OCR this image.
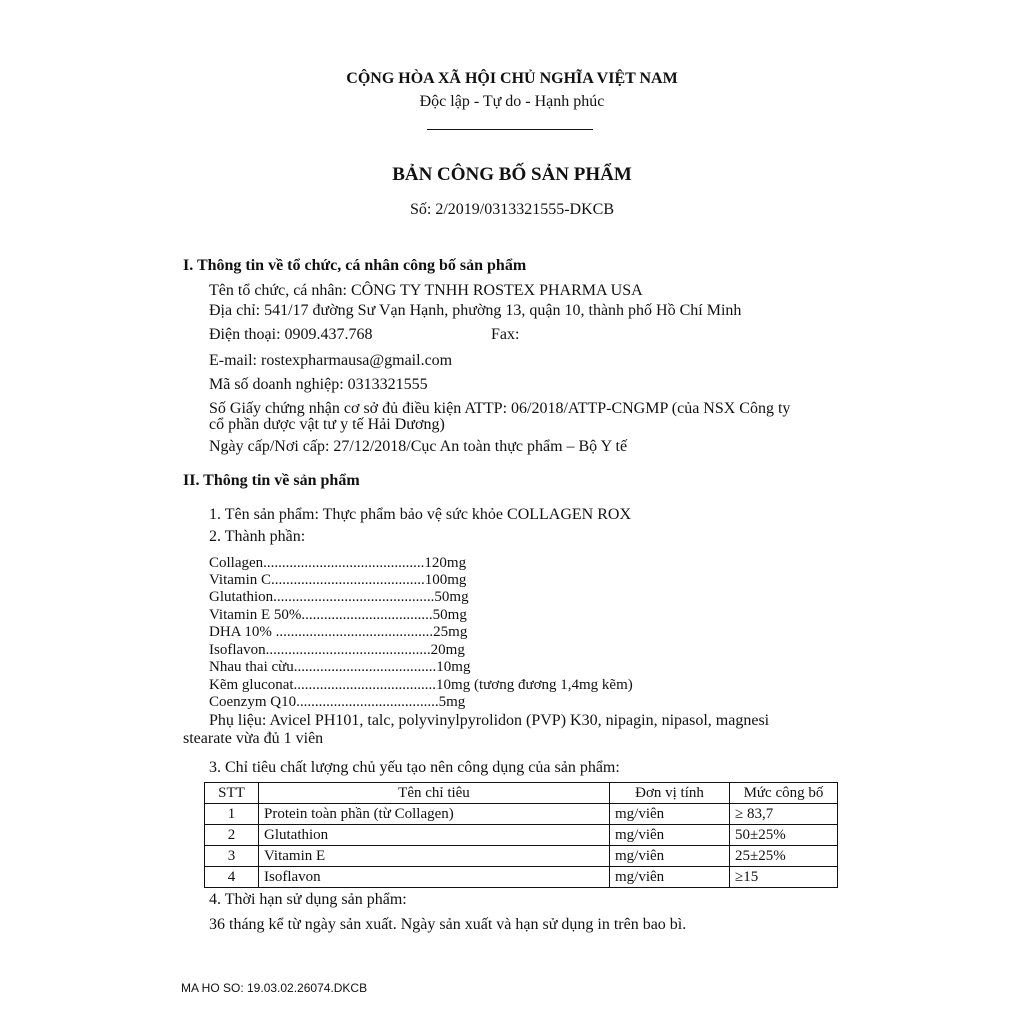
CỘNG HÒA XÃ HỘI CHỦ NGHĨA VIỆT NAM
Độc lập - Tự do - Hạnh phúc
BẢN CÔNG BỐ SẢN PHẨM
Số: 2/2019/0313321555-DKCB
I. Thông tin về tổ chức, cá nhân công bố sản phẩm
Tên tổ chức, cá nhân: CÔNG TY TNHH ROSTEX PHARMA USA
Địa chỉ: 541/17 đường Sư Vạn Hạnh, phường 13, quận 10, thành phố Hồ Chí Minh
Điện thoại: 0909.437.768	Fax:
E-mail: rostexpharmausa@gmail.com
Mã số doanh nghiệp: 0313321555
Số Giấy chứng nhận cơ sở đủ điều kiện ATTP: 06/2018/ATTP-CNGMP (của NSX Công ty
cổ phần dược vật tư y tế Hải Dương)
Ngày cấp/Nơi cấp: 27/12/2018/Cục An toàn thực phẩm – Bộ Y tế
II. Thông tin về sản phẩm
1. Tên sản phẩm: Thực phẩm bảo vệ sức khỏe COLLAGEN ROX
2. Thành phần:
Collagen...........................................120mg
Vitamin C.........................................100mg
Glutathion...........................................50mg
Vitamin E 50%...................................50mg
DHA 10% ..........................................25mg
Isoflavon............................................20mg
Nhau thai cừu......................................10mg
Kẽm gluconat......................................10mg (tương đương 1,4mg kẽm)
Coenzym Q10......................................5mg
Phụ liệu: Avicel PH101, talc, polyvinylpyrolidon (PVP) K30, nipagin, nipasol, magnesi
stearate vừa đủ 1 viên
3. Chỉ tiêu chất lượng chủ yếu tạo nên công dụng của sản phẩm:
STT	Tên chỉ tiêu	Đơn vị tính	Mức công bố
1	Protein toàn phần (từ Collagen)	mg/viên	≥ 83,7
2	Glutathion	mg/viên	50±25%
3	Vitamin E	mg/viên	25±25%
4	Isoflavon	mg/viên	≥15
4. Thời hạn sử dụng sản phẩm:
36 tháng kể từ ngày sản xuất. Ngày sản xuất và hạn sử dụng in trên bao bì.
MA HO SO: 19.03.02.26074.DKCB
